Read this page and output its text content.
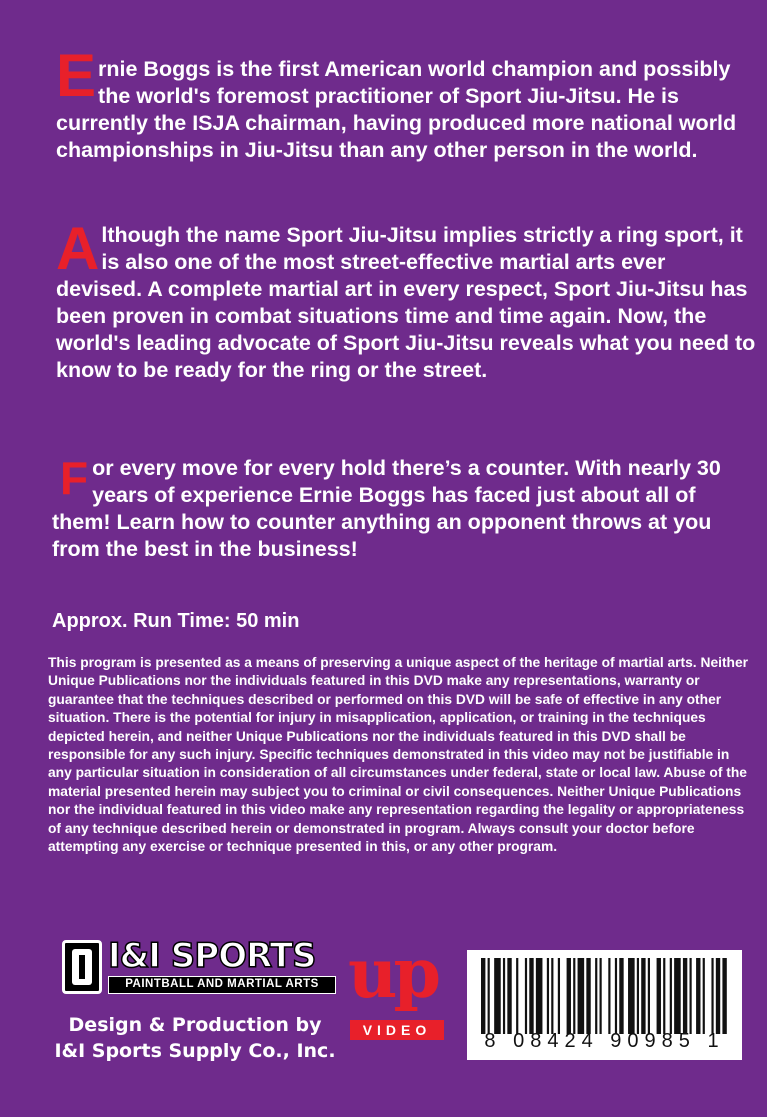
Ernie Boggs is the first American world champion and possibly the world's foremost practitioner of Sport Jiu-Jitsu. He is currently the ISJA chairman, having produced more national world championships in Jiu-Jitsu than any other person in the world.

Although the name Sport Jiu-Jitsu implies strictly a ring sport, it is also one of the most street-effective martial arts ever devised. A complete martial art in every respect, Sport Jiu-Jitsu has been proven in combat situations time and time again. Now, the world's leading advocate of Sport Jiu-Jitsu reveals what you need to know to be ready for the ring or the street.

For every move for every hold there’s a counter. With nearly 30 years of experience Ernie Boggs has faced just about all of them! Learn how to counter anything an opponent throws at you from the best in the business!

Approx. Run Time: 50 min

This program is presented as a means of preserving a unique aspect of the heritage of martial arts. Neither Unique Publications nor the individuals featured in this DVD make any representations, warranty or guarantee that the techniques described or performed on this DVD will be safe of effective in any other situation. There is the potential for injury in misapplication, application, or training in the techniques depicted herein, and neither Unique Publications nor the individuals featured in this DVD shall be responsible for any such injury. Specific techniques demonstrated in this video may not be justifiable in any particular situation in consideration of all circumstances under federal, state or local law. Abuse of the material presented herein may subject you to criminal or civil consequences. Neither Unique Publications nor the individual featured in this video make any representation regarding the legality or appropriateness of any technique described herein or demonstrated in program. Always consult your doctor before attempting any exercise or technique presented in this, or any other program.

I&I SPORTS
PAINTBALL AND MARTIAL ARTS
Design & Production by
I&I Sports Supply Co., Inc.
up
VIDEO	8 08424 90985 1
